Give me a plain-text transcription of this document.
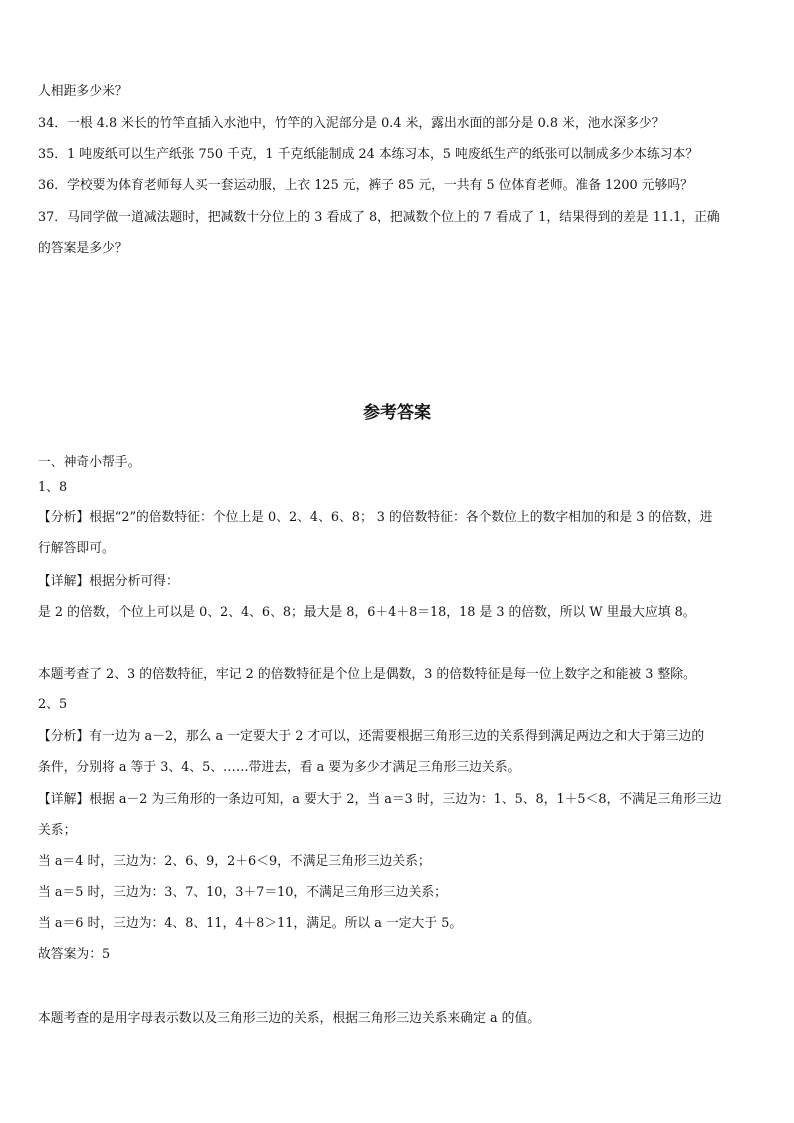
人相距多少米？
34．一根 4.8 米长的竹竿直插入水池中，竹竿的入泥部分是 0.4 米，露出水面的部分是 0.8 米，池水深多少？
35．1 吨废纸可以生产纸张 750 千克，1 千克纸能制成 24 本练习本，5 吨废纸生产的纸张可以制成多少本练习本？
36．学校要为体育老师每人买一套运动服，上衣 125 元，裤子 85 元，一共有 5 位体育老师。准备 1200 元够吗？
37．马同学做一道减法题时，把减数十分位上的 3 看成了 8，把减数个位上的 7 看成了 1，结果得到的差是 11.1，正确
的答案是多少？
参考答案
一、神奇小帮手。
1、8
【分析】根据“2”的倍数特征：个位上是 0、2、4、6、8； 3 的倍数特征：各个数位上的数字相加的和是 3 的倍数，进
行解答即可。
【详解】根据分析可得：
是 2 的倍数，个位上可以是 0、2、4、6、8；最大是 8，6＋4＋8＝18，18 是 3 的倍数，所以 W 里最大应填 8。
本题考查了 2、3 的倍数特征，牢记 2 的倍数特征是个位上是偶数，3 的倍数特征是每一位上数字之和能被 3 整除。
2、5
【分析】有一边为 a－2，那么 a 一定要大于 2 才可以，还需要根据三角形三边的关系得到满足两边之和大于第三边的
条件，分别将 a 等于 3、4、5、……带进去，看 a 要为多少才满足三角形三边关系。
【详解】根据 a－2 为三角形的一条边可知，a 要大于 2，当 a＝3 时，三边为：1、5、8，1＋5＜8，不满足三角形三边
关系；
当 a＝4 时，三边为：2、6、9，2＋6＜9，不满足三角形三边关系；
当 a＝5 时，三边为：3、7、10，3＋7＝10，不满足三角形三边关系；
当 a＝6 时，三边为：4、8、11，4＋8＞11，满足。所以 a 一定大于 5。
故答案为：5
本题考查的是用字母表示数以及三角形三边的关系，根据三角形三边关系来确定 a 的值。
